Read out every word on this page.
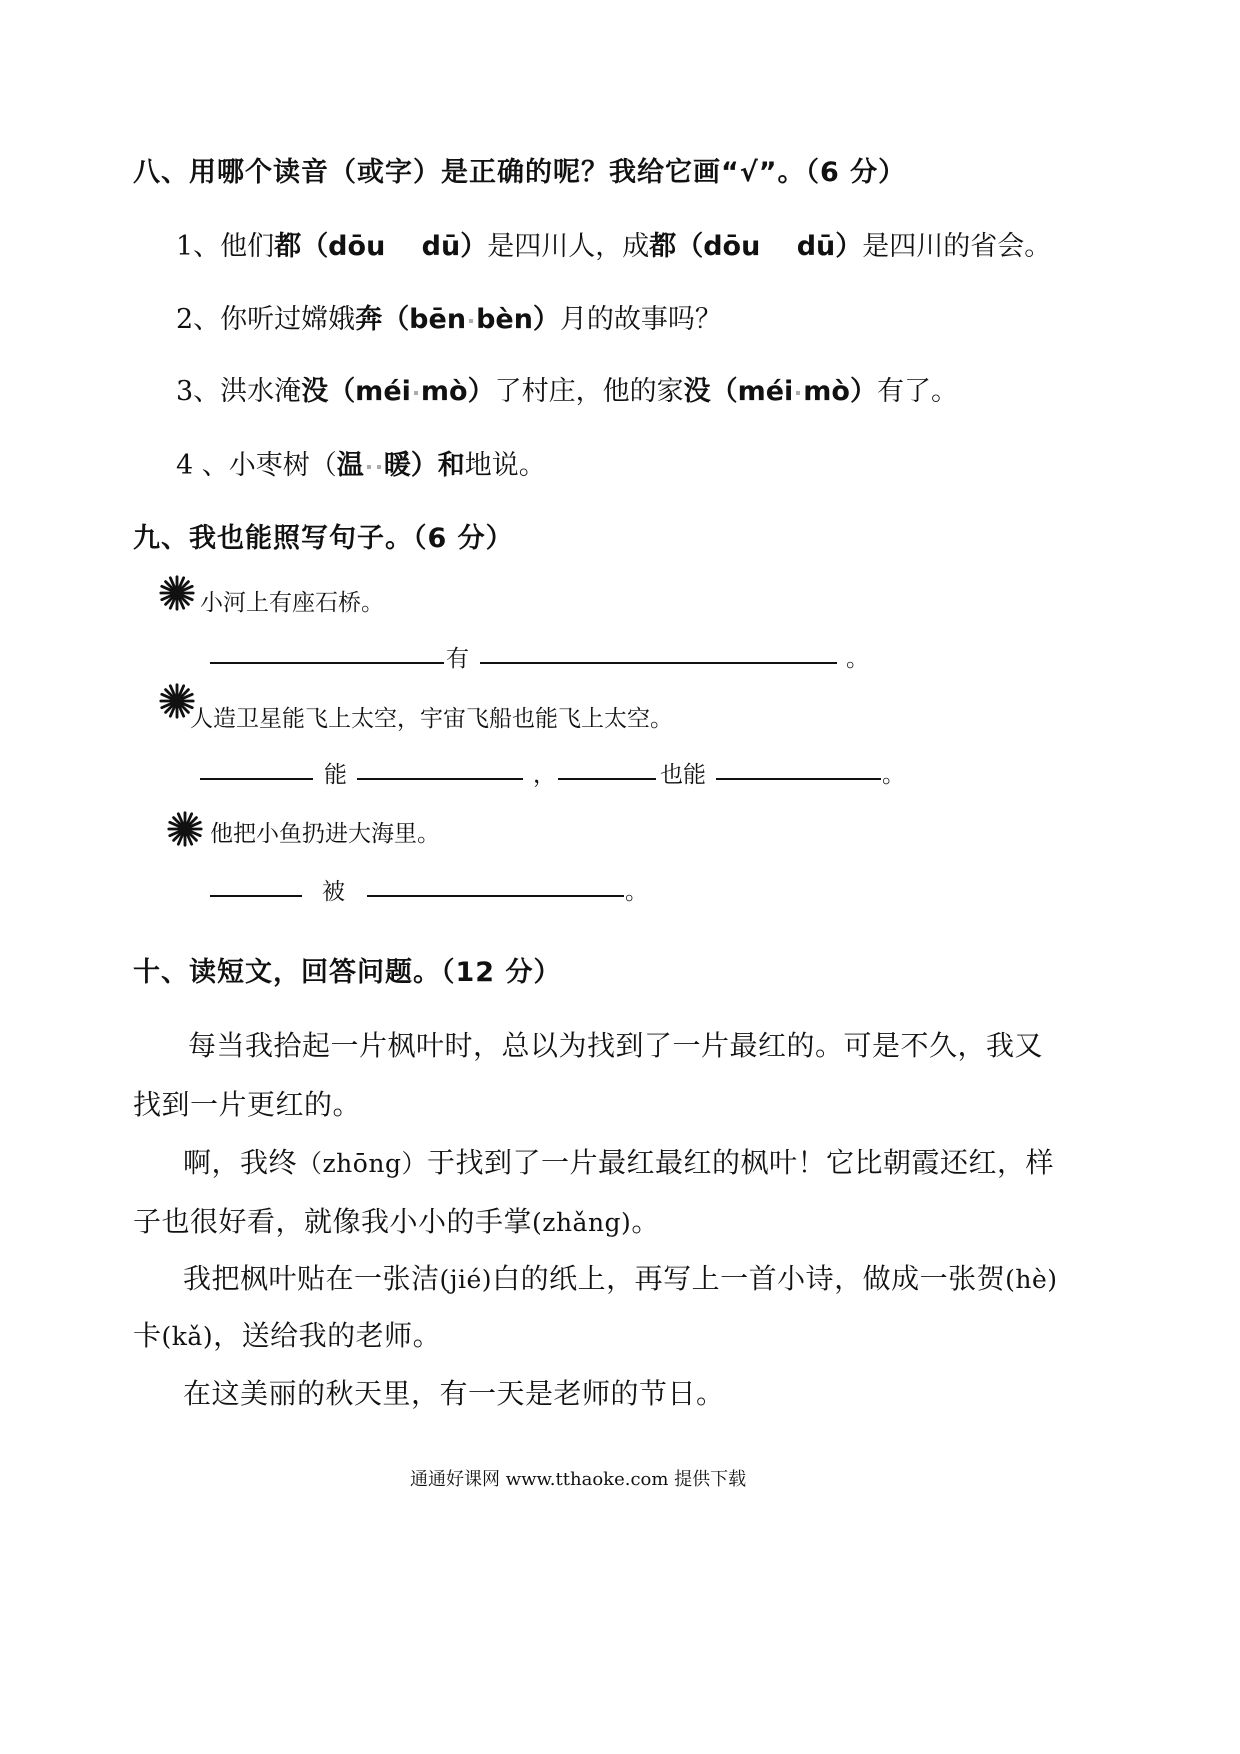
八、用哪个读音（或字）是正确的呢？我给它画“√”。（6 分）
1、他们都（dōu　 dū）是四川人，成都（dōu　 dū）是四川的省会。
2、你听过嫦娥奔（bēn bèn）月的故事吗？
3、洪水淹没（méi mò）了村庄，他的家没（méi mò）有了。
4 、小枣树（温 暖）和地说。
九、我也能照写句子。（6 分）
小河上有座石桥。
有	。
人造卫星能飞上太空，宇宙飞船也能飞上太空。
能	，	也能	。
他把小鱼扔进大海里。
被	。
十、读短文，回答问题。（12 分）
每当我拾起一片枫叶时，总以为找到了一片最红的。可是不久，我又
找到一片更红的。
啊，我终（zhōng）于找到了一片最红最红的枫叶！它比朝霞还红，样
子也很好看，就像我小小的手掌(zhǎng)。
我把枫叶贴在一张洁(jié)白的纸上，再写上一首小诗，做成一张贺(hè)
卡(kǎ)，送给我的老师。
在这美丽的秋天里，有一天是老师的节日。
通通好课网 www.tthaoke.com 提供下载
